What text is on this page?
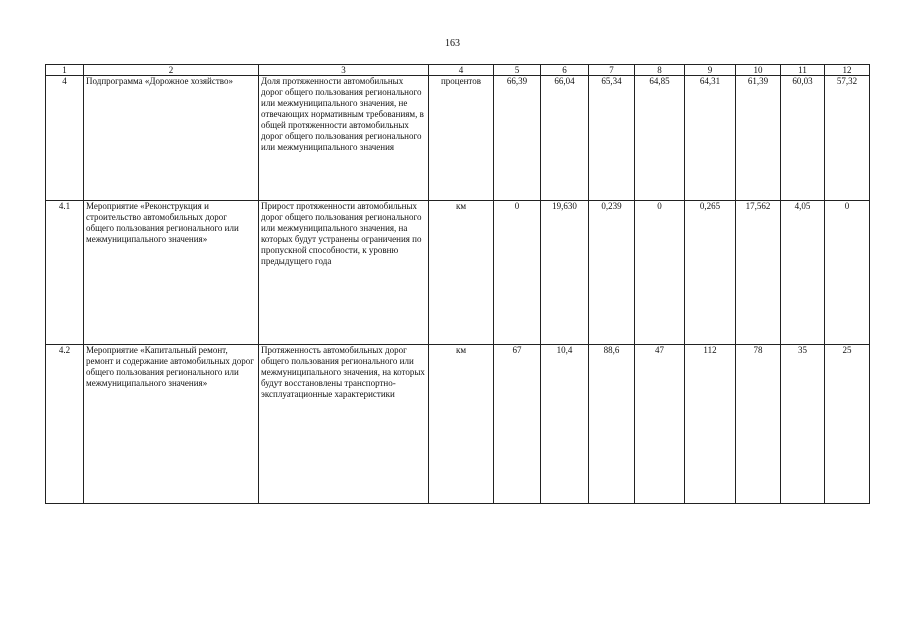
163
1	2	3	4	5	6	7	8	9	10	11	12
4	Подпрограмма «Дорожное хозяйство»	Доля протяженности автомобильных дорог общего пользования регионального или межмуниципального значения, не отвечающих нормативным требованиям, в общей протяженности автомобильных дорог общего пользования регионального или межмуниципального значения	процентов	66,39	66,04	65,34	64,85	64,31	61,39	60,03	57,32
4.1	Мероприятие «Реконструкция и строительство автомобильных дорог общего пользования регионального или межмуниципального значения»	Прирост протяженности автомобильных дорог общего пользования регионального или межмуниципального значения, на которых будут устранены ограничения по пропускной способности, к уровню предыдущего года	км	0	19,630	0,239	0	0,265	17,562	4,05	0
4.2	Мероприятие «Капитальный ремонт, ремонт и содержание автомобильных дорог общего пользования регионального или межмуниципального значения»	Протяженность автомобильных дорог общего пользования регионального или межмуниципального значения, на которых будут восстановлены транспортно-эксплуатационные характеристики	км	67	10,4	88,6	47	112	78	35	25
